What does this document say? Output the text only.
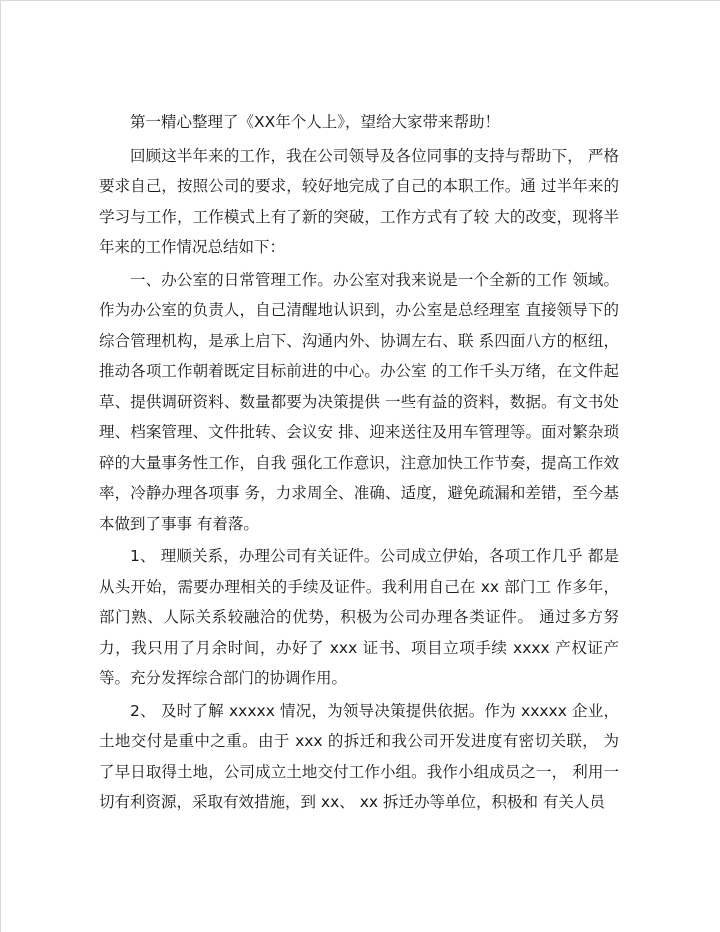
第一精心整理了《XX年个人上》，望给大家带来帮助！

回顾这半年来的工作，我在公司领导及各位同事的支持与帮助下， 严格要求自己，按照公司的要求，较好地完成了自己的本职工作。通 过半年来的学习与工作，工作模式上有了新的突破，工作方式有了较 大的改变，现将半年来的工作情况总结如下：

一、办公室的日常管理工作。办公室对我来说是一个全新的工作 领域。作为办公室的负责人，自己清醒地认识到，办公室是总经理室 直接领导下的综合管理机构，是承上启下、沟通内外、协调左右、联 系四面八方的枢纽，推动各项工作朝着既定目标前进的中心。办公室 的工作千头万绪，在文件起草、提供调研资料、数量都要为决策提供 一些有益的资料，数据。有文书处理、档案管理、文件批转、会议安 排、迎来送往及用车管理等。面对繁杂琐碎的大量事务性工作，自我 强化工作意识，注意加快工作节奏，提高工作效率，冷静办理各项事 务，力求周全、准确、适度，避免疏漏和差错，至今基本做到了事事 有着落。

1、 理顺关系，办理公司有关证件。公司成立伊始，各项工作几乎 都是从头开始，需要办理相关的手续及证件。我利用自己在 xx 部门工 作多年，部门熟、人际关系较融洽的优势，积极为公司办理各类证件。 通过多方努力，我只用了月余时间，办好了 xxx 证书、项目立项手续 xxxx 产权证产等。充分发挥综合部门的协调作用。

2、 及时了解 xxxxx 情况，为领导决策提供依据。作为 xxxxx 企业，土地交付是重中之重。由于 xxx 的拆迁和我公司开发进度有密切关联， 为了早日取得土地，公司成立土地交付工作小组。我作小组成员之一， 利用一切有利资源，采取有效措施，到 xx、 xx 拆迁办等单位，积极和 有关人员
